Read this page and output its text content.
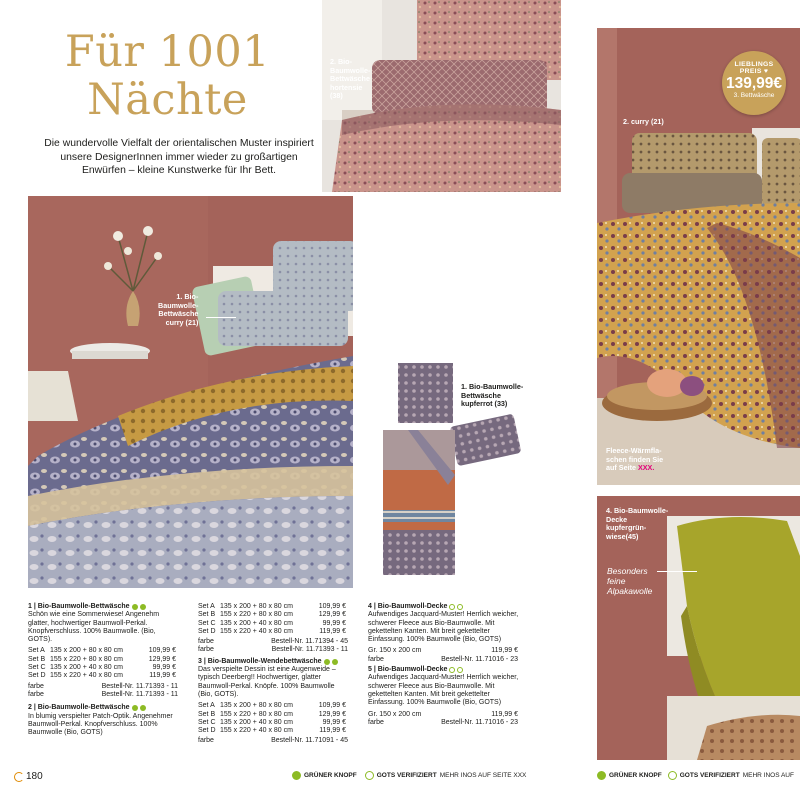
Für 1001
Nächte
Die wundervolle Vielfalt der orientalischen Muster inspiriert unsere DesignerInnen immer wieder zu großartigen Enwürfen – kleine Kunstwerke für Ihr Bett.
2. Bio-
Baumwolle-
Bettwäsche
hortensie
(38)
1. Bio-
Baumwolle-
Bettwäsche
curry (21)
1. Bio-Baumwolle-
Bettwäsche
kupferrot (33)
2. curry (21)
Fleece-Wärmfla-
schen finden Sie
auf Seite XXX.
4. Bio-Baumwolle-
Decke
kupfergrün-
wiese(45)
Besonders
feine
Alpakawolle
LIEBLINGS
PREIS ♥
139,99€
3. Bettwäsche
1 | Bio-Baumwolle-Bettwäsche
Schön wie eine Sommerwiese! Angenehm glatter, hochwertiger Baumwoll-Perkal. Knopfverschluss. 100% Baumwolle. (Bio, GOTS).
Set A 135 x 200 + 80 x 80 cm	109,99 €
Set B 155 x 220 + 80 x 80 cm	129,99 €
Set C 135 x 200 + 40 x 80 cm	99,99 €
Set D 155 x 220 + 40 x 80 cm	119,99 €
farbe	Bestell-Nr. 11.71393 - 11
farbe	Bestell-Nr. 11.71393 - 11
2 | Bio-Baumwolle-Bettwäsche
In blumig verspielter Patch-Optik. Angenehmer Baumwoll-Perkal. Knopfverschluss. 100% Baumwolle (Bio, GOTS)
Set A 135 x 200 + 80 x 80 cm	109,99 €
Set B 155 x 220 + 80 x 80 cm	129,99 €
Set C 135 x 200 + 40 x 80 cm	99,99 €
Set D 155 x 220 + 40 x 80 cm	119,99 €
farbe	Bestell-Nr. 11.71394 - 45
farbe	Bestell-Nr. 11.71393 - 11
3 | Bio-Baumwolle-Wendebettwäsche
Das verspielte Dessin ist eine Augenweide – typisch Deerberg!! Hochwertiger, glatter Baumwoll-Perkal. Knöpfe. 100% Baumwolle (Bio, GOTS).
Set A 135 x 200 + 80 x 80 cm	109,99 €
Set B 155 x 220 + 80 x 80 cm	129,99 €
Set C 135 x 200 + 40 x 80 cm	99,99 €
Set D 155 x 220 + 40 x 80 cm	119,99 €
farbe	Bestell-Nr. 11.71091 - 45
4 | Bio-Baumwoll-Decke
Aufwendiges Jacquard-Muster! Herrlich weicher, schwerer Fleece aus Bio-Baumwolle. Mit gekettelten Kanten. Mit breit gekettelter Einfassung. 100% Baumwolle (Bio, GOTS)
Gr. 150 x 200 cm	119,99 €
farbe	Bestell-Nr. 11.71016 - 23
5 | Bio-Baumwoll-Decke
Aufwendiges Jacquard-Muster! Herrlich weicher, schwerer Fleece aus Bio-Baumwolle. Mit gekettelten Kanten. Mit breit gekettelter Einfassung. 100% Baumwolle (Bio, GOTS)
Gr. 150 x 200 cm	119,99 €
farbe	Bestell-Nr. 11.71016 - 23
180	GRÜNER KNOPF	GOTS VERIFIZIERT MEHR INOS AUF SEITE XXX	GRÜNER KNOPF	GOTS VERIFIZIERT MEHR INOS AUF
